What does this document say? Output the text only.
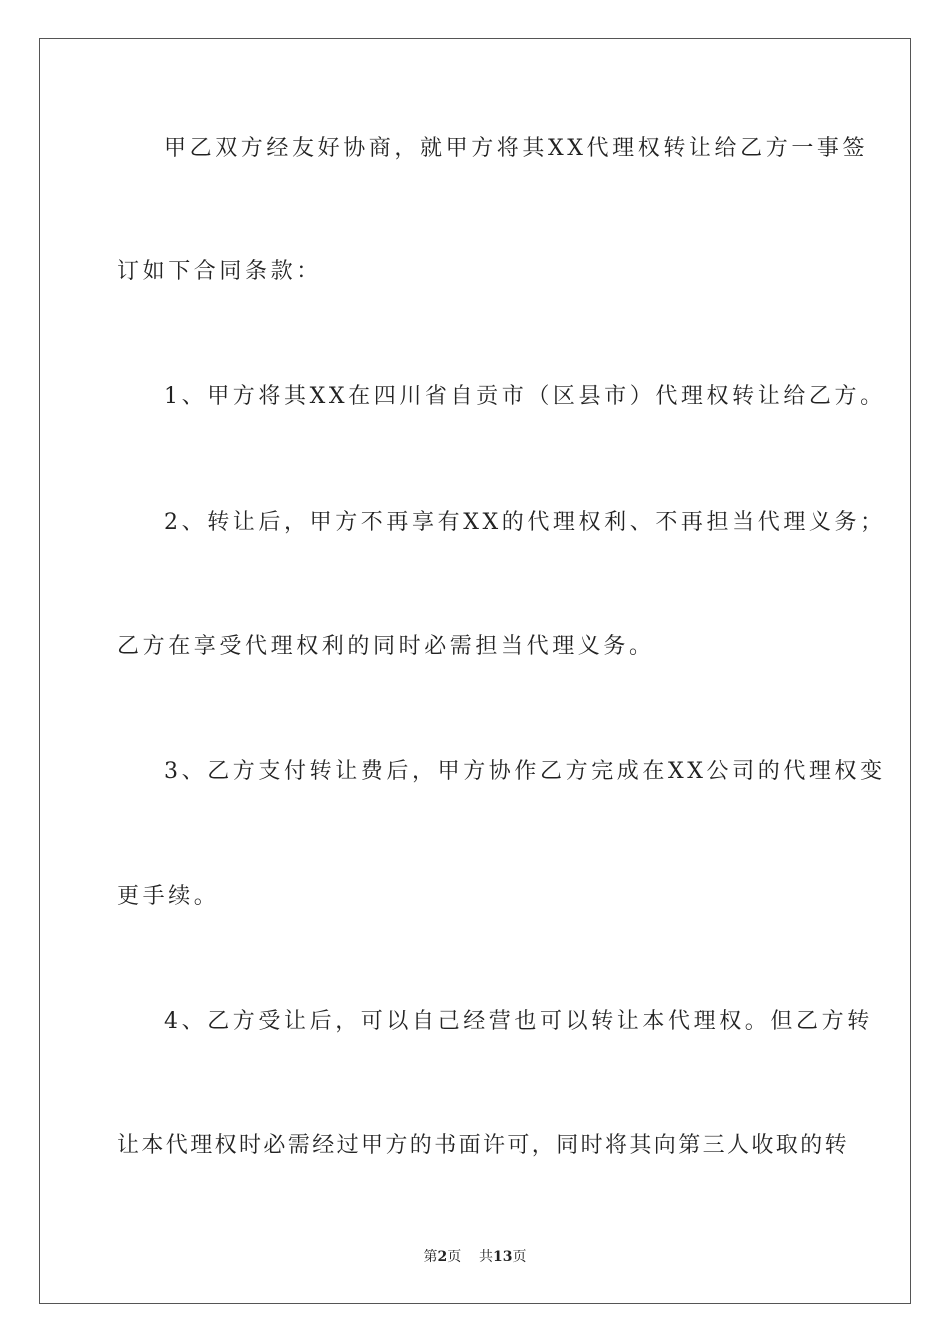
甲乙双方经友好协商，就甲方将其XX代理权转让给乙方一事签
订如下合同条款：
1、甲方将其XX在四川省自贡市（区县市）代理权转让给乙方。
2、转让后，甲方不再享有XX的代理权利、不再担当代理义务；
乙方在享受代理权利的同时必需担当代理义务。
3、乙方支付转让费后，甲方协作乙方完成在XX公司的代理权变
更手续。
4、乙方受让后，可以自己经营也可以转让本代理权。但乙方转
让本代理权时必需经过甲方的书面许可，同时将其向第三人收取的转
第2页 共13页
